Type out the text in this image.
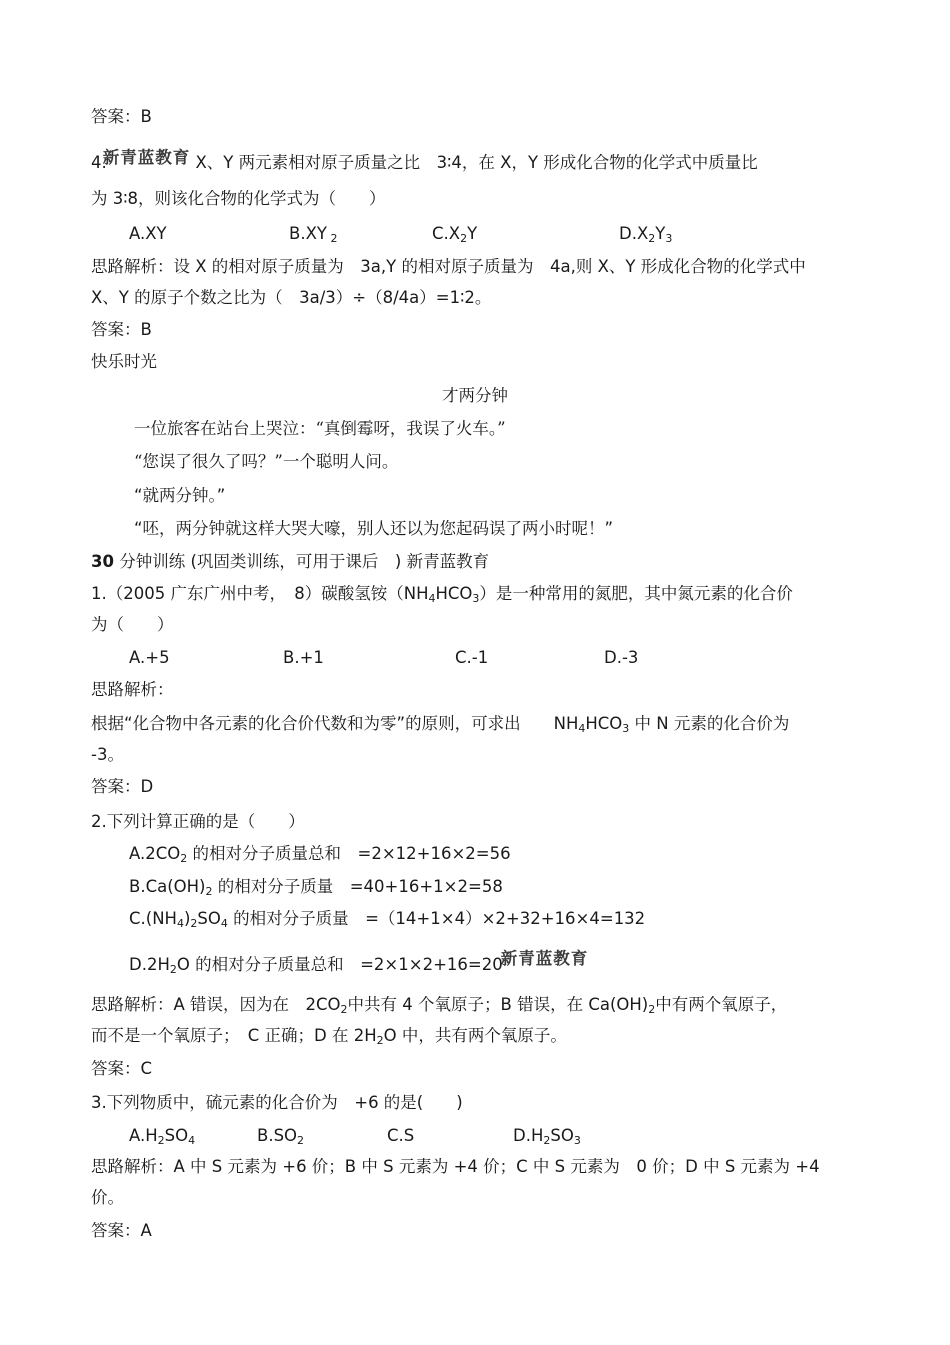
答案：B
4.新青蓝教育 X、Y 两元素相对原子质量之比　3∶4，在 X，Y 形成化合物的化学式中质量比
为 3∶8，则该化合物的化学式为（　　）
A.XY	B.XY $_2$	$C.X_2Y$	$D.X_2Y_3$
思路解析：设 X 的相对原子质量为　3a,Y 的相对原子质量为　4a,则 X、Y 形成化合物的化学式中
X、Y 的原子个数之比为（　3a/3）÷（8/4a）=1∶2。
答案：B
快乐时光
才两分钟
一位旅客在站台上哭泣：“真倒霉呀，我误了火车。”
“您误了很久了吗？”一个聪明人问。
“就两分钟。”
“呸，两分钟就这样大哭大嚎，别人还以为您起码误了两小时呢！”
30 分钟训练 (巩固类训练，可用于课后　) 新青蓝教育
1.（2005 广东广州中考，　8）碳酸氢铵$(NH_4HCO_3)$是一种常用的氮肥，其中氮元素的化合价
为（　　）
A.+5	B.+1	C.-1	D.-3
思路解析：
根据“化合物中各元素的化合价代数和为零”的原则，可求出　　$NH_4HCO_3$ 中 N 元素的化合价为
-3。
答案：D
2.下列计算正确的是（　　）
$A.2CO_2$ 的相对分子质量总和　=2×12+16×2=56
$B.Ca(OH)_2$ 的相对分子质量　=40+16+1×2=58
$C.(NH_4)_2SO_4$ 的相对分子质量　=（14+1×4）×2+32+16×4=132
$D.2H_2O$ 的相对分子质量总和　=2×1×2+16=20新青蓝教育
思路解析：A 错误，因为在　$2CO_2$中共有 4 个氧原子；B 错误，在 $Ca(OH)_2$中有两个氧原子，
而不是一个氧原子；　C 正确；D 在 $2H_2O$ 中，共有两个氧原子。
答案：C
3.下列物质中，硫元素的化合价为　+6 的是(　　)
$A.H_2SO_4$	$B.SO_2$	C.S	$D.H_2SO_3$
思路解析：A 中 S 元素为 +6 价；B 中 S 元素为 +4 价；C 中 S 元素为　0 价；D 中 S 元素为 +4
价。
答案：A
